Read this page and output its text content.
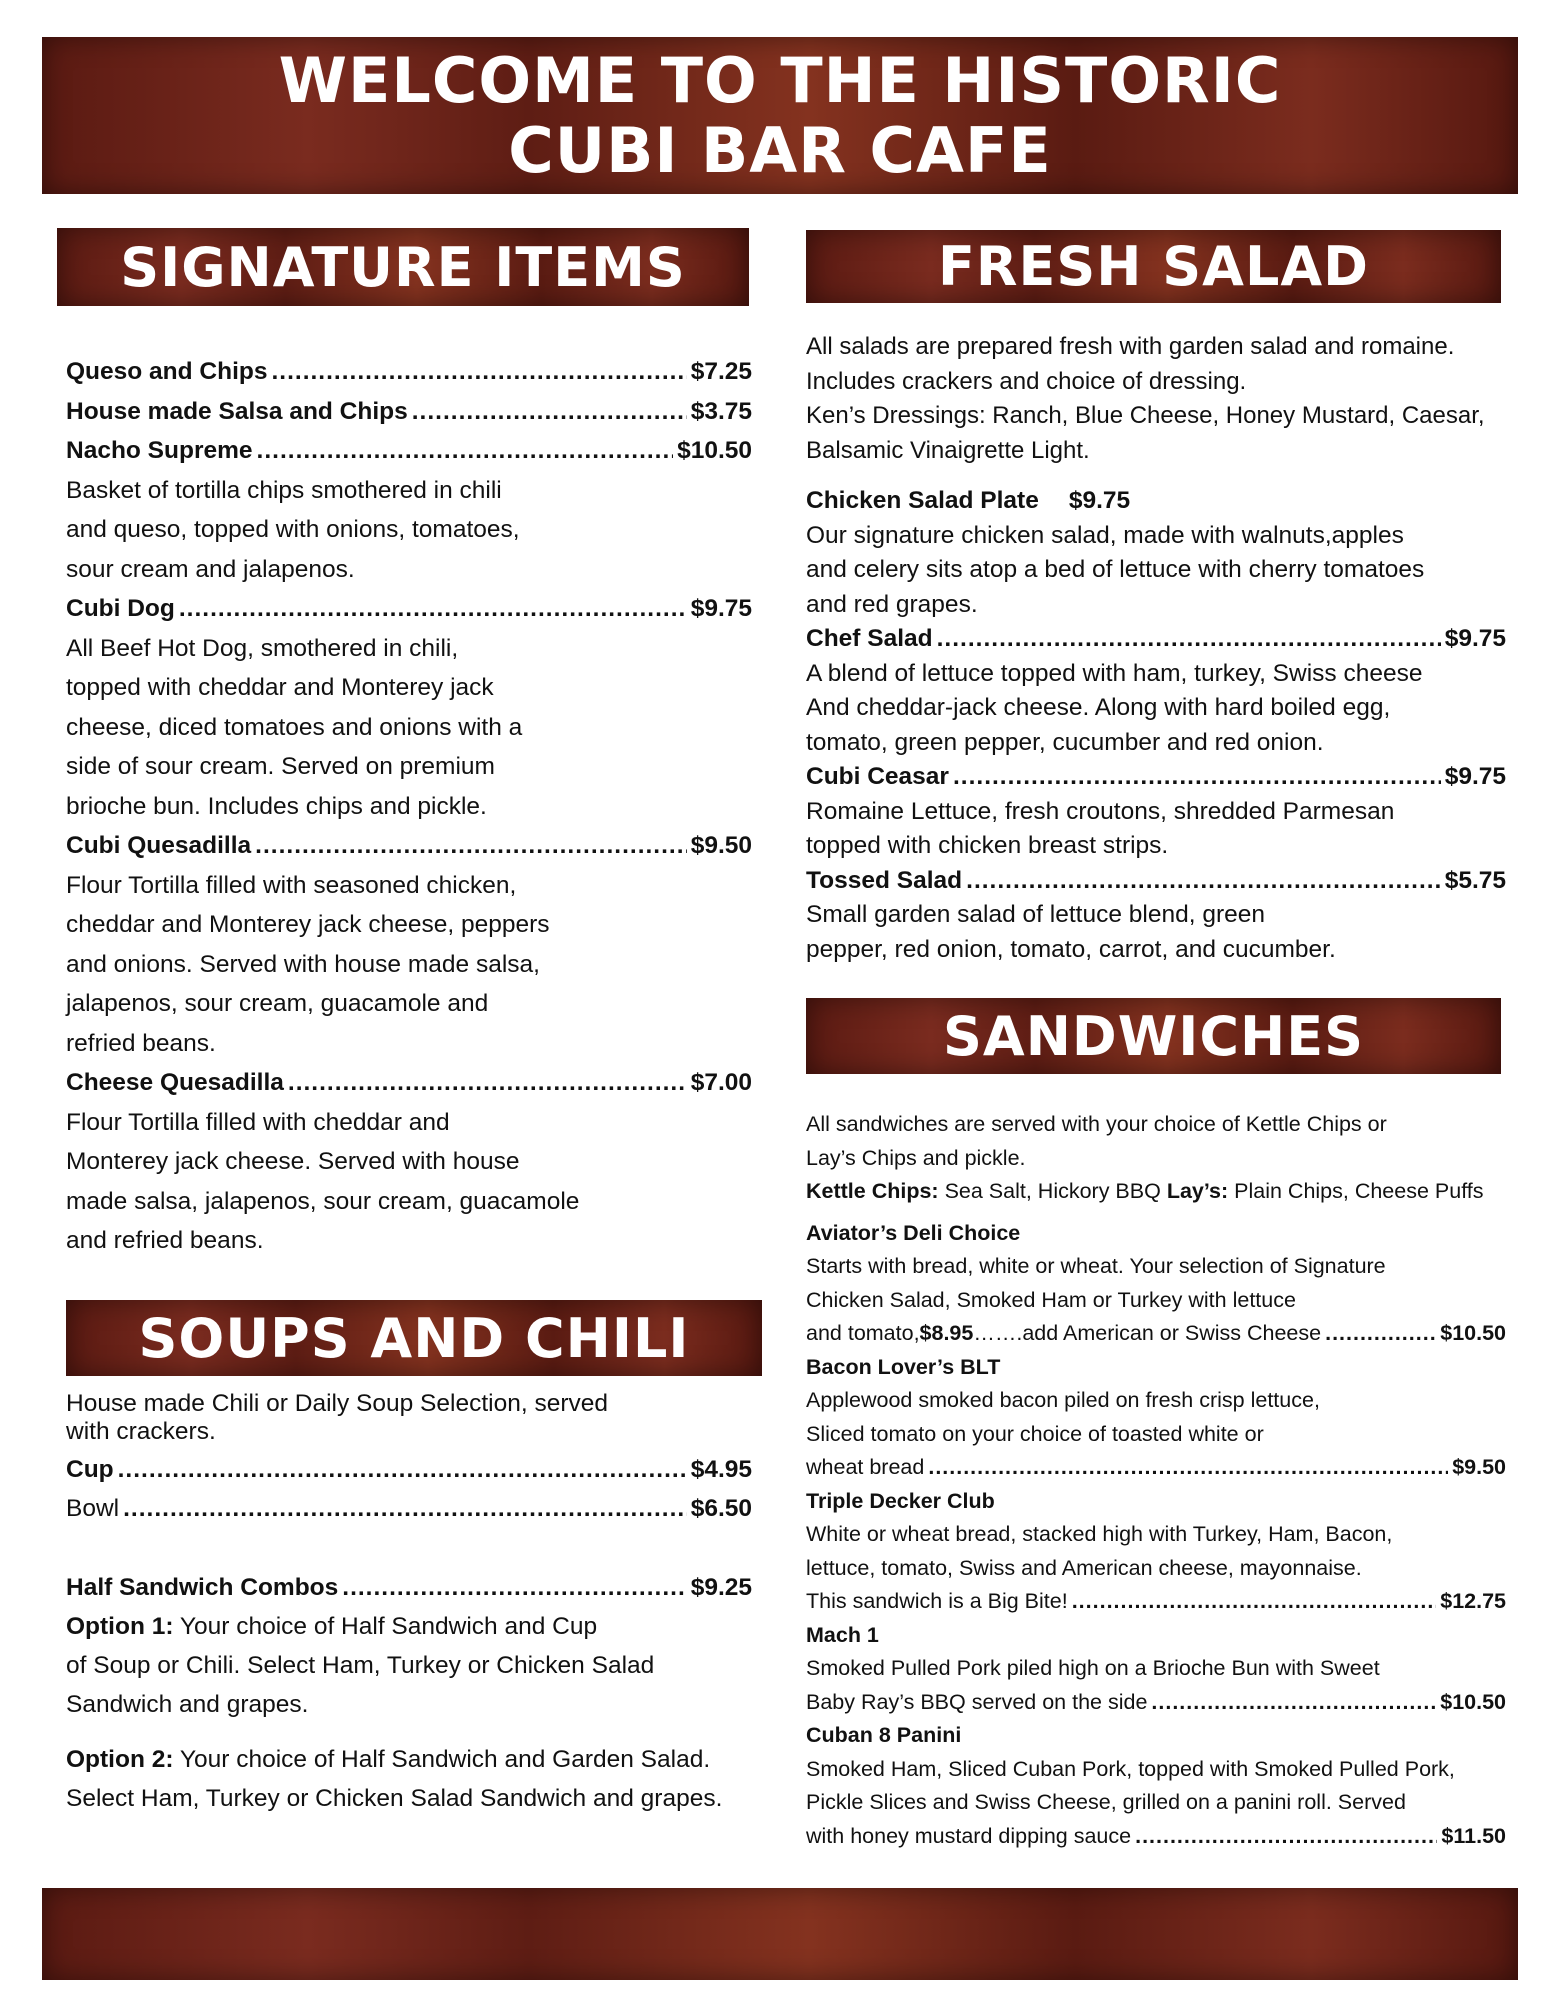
WELCOME TO THE HISTORIC
CUBI BAR CAFE
SIGNATURE ITEMS
SOUPS AND CHILI
FRESH SALAD
SANDWICHES
Queso and Chips .....	$7.25
House made Salsa and Chips .....	$3.75
Nacho Supreme .....	$10.50

Basket of tortilla chips smothered in chili

and queso, topped with onions, tomatoes,

sour cream and jalapenos.

Cubi Dog .....	$9.75

All Beef Hot Dog, smothered in chili,

topped with cheddar and Monterey jack

cheese, diced tomatoes and onions with a

side of sour cream. Served on premium

brioche bun. Includes chips and pickle.

Cubi Quesadilla .....	$9.50

Flour Tortilla filled with seasoned chicken,

cheddar and Monterey jack cheese, peppers

and onions. Served with house made salsa,

jalapenos, sour cream, guacamole and

refried beans.

Cheese Quesadilla .....	$7.00

Flour Tortilla filled with cheddar and

Monterey jack cheese. Served with house

made salsa, jalapenos, sour cream, guacamole

and refried beans.

House made Chili or Daily Soup Selection, served

with crackers.

Cup .....	$4.95
Bowl .....	$6.50
Half Sandwich Combos .....	$9.25

Option 1: Your choice of Half Sandwich and Cup

of Soup or Chili. Select Ham, Turkey or Chicken Salad

Sandwich and grapes.

Option 2: Your choice of Half Sandwich and Garden Salad.

Select Ham, Turkey or Chicken Salad Sandwich and grapes.

All salads are prepared fresh with garden salad and romaine.

Includes crackers and choice of dressing.

Ken’s Dressings: Ranch, Blue Cheese, Honey Mustard, Caesar,

Balsamic Vinaigrette Light.

Chicken Salad Plate $9.75

Our signature chicken salad, made with walnuts,apples

and celery sits atop a bed of lettuce with cherry tomatoes

and red grapes.

Chef Salad .....	$9.75

A blend of lettuce topped with ham, turkey, Swiss cheese

And cheddar-jack cheese. Along with hard boiled egg,

tomato, green pepper, cucumber and red onion.

Cubi Ceasar .....	$9.75

Romaine Lettuce, fresh croutons, shredded Parmesan

topped with chicken breast strips.

Tossed Salad .....	$5.75

Small garden salad of lettuce blend, green

pepper, red onion, tomato, carrot, and cucumber.

All sandwiches are served with your choice of Kettle Chips or

Lay’s Chips and pickle.

Kettle Chips: Sea Salt, Hickory BBQ Lay’s: Plain Chips, Cheese Puffs

Aviator’s Deli Choice

Starts with bread, white or wheat. Your selection of Signature

Chicken Salad, Smoked Ham or Turkey with lettuce

and tomato, $8.95 …….add American or Swiss Cheese .....	$10.50

Bacon Lover’s BLT

Applewood smoked bacon piled on fresh crisp lettuce,

Sliced tomato on your choice of toasted white or

wheat bread .....	$9.50

Triple Decker Club

White or wheat bread, stacked high with Turkey, Ham, Bacon,

lettuce, tomato, Swiss and American cheese, mayonnaise.

This sandwich is a Big Bite! .....	$12.75

Mach 1

Smoked Pulled Pork piled high on a Brioche Bun with Sweet

Baby Ray’s BBQ served on the side .....	$10.50

Cuban 8 Panini

Smoked Ham, Sliced Cuban Pork, topped with Smoked Pulled Pork,

Pickle Slices and Swiss Cheese, grilled on a panini roll. Served

with honey mustard dipping sauce .....	$11.50
